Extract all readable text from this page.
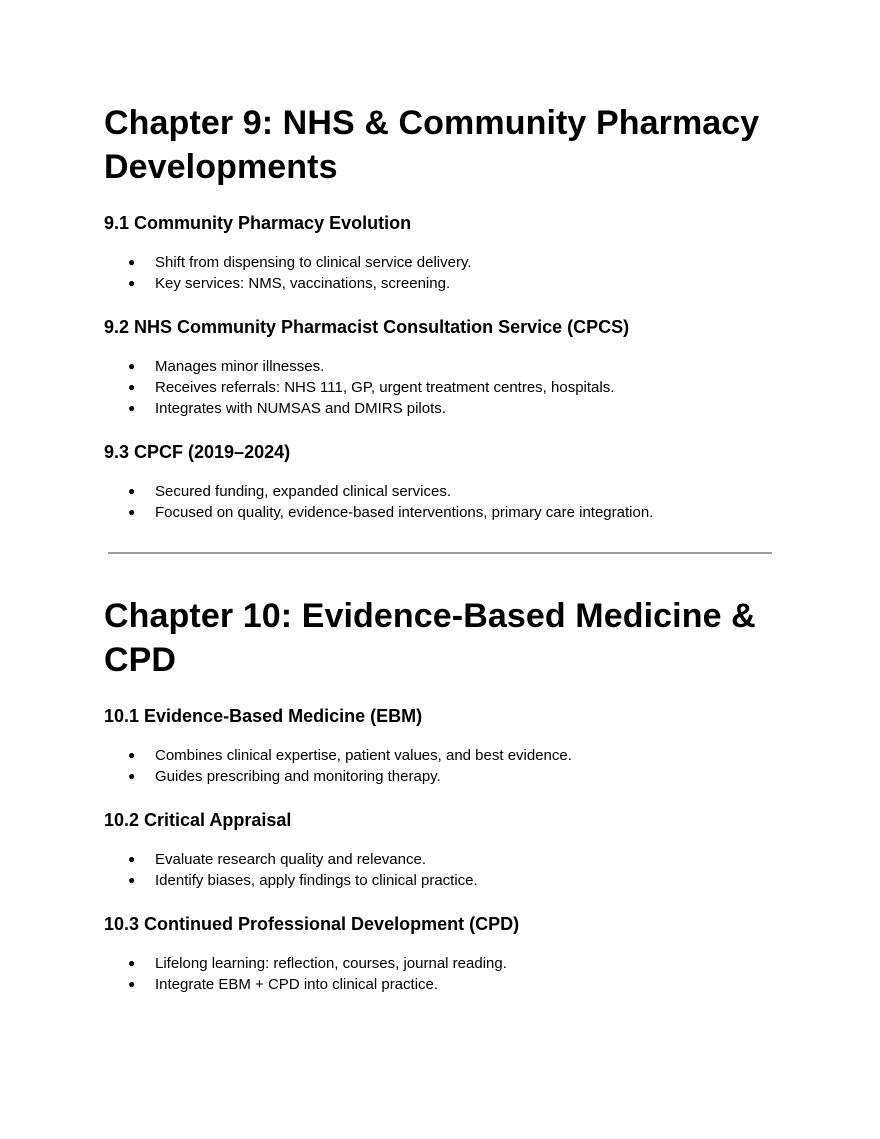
Chapter 9: NHS & Community Pharmacy Developments
9.1 Community Pharmacy Evolution
● Shift from dispensing to clinical service delivery.
● Key services: NMS, vaccinations, screening.
9.2 NHS Community Pharmacist Consultation Service (CPCS)
● Manages minor illnesses.
● Receives referrals: NHS 111, GP, urgent treatment centres, hospitals.
● Integrates with NUMSAS and DMIRS pilots.
9.3 CPCF (2019–2024)
● Secured funding, expanded clinical services.
● Focused on quality, evidence-based interventions, primary care integration.
Chapter 10: Evidence-Based Medicine & CPD
10.1 Evidence-Based Medicine (EBM)
● Combines clinical expertise, patient values, and best evidence.
● Guides prescribing and monitoring therapy.
10.2 Critical Appraisal
● Evaluate research quality and relevance.
● Identify biases, apply findings to clinical practice.
10.3 Continued Professional Development (CPD)
● Lifelong learning: reflection, courses, journal reading.
● Integrate EBM + CPD into clinical practice.
